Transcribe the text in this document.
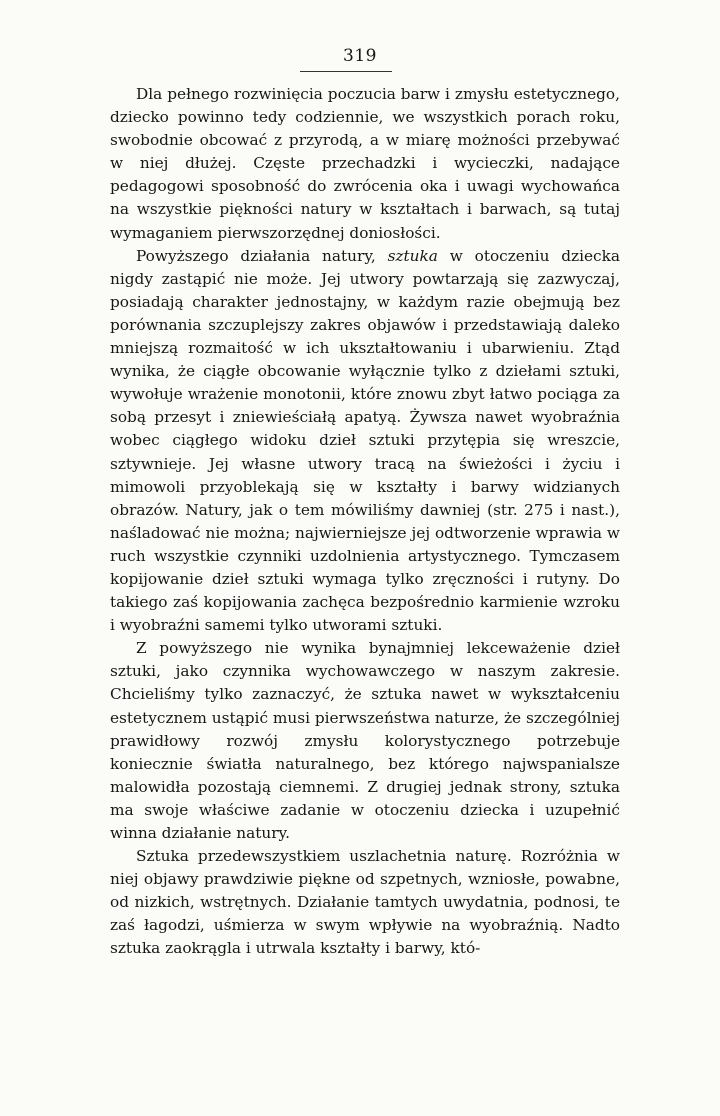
319

Dla pełnego rozwinięcia poczucia barw i zmysłu estetycznego, dziecko powinno tedy codziennie, we wszystkich porach roku, swobodnie obcować z przyrodą, a w miarę możności przebywać w niej dłużej. Częste przechadzki i wycieczki, nadające pedagogowi sposobność do zwrócenia oka i uwagi wychowańca na wszystkie piękności natury w kształtach i barwach, są tutaj wymaganiem pierwszorzędnej doniosłości.

Powyższego działania natury, sztuka w otoczeniu dziecka nigdy zastąpić nie może. Jej utwory powtarzają się zazwyczaj, posiadają charakter jednostajny, w każdym razie obejmują bez porównania szczuplejszy zakres objawów i przedstawiają daleko mniejszą rozmaitość w ich ukształtowaniu i ubarwieniu. Ztąd wynika, że ciągłe obcowanie wyłącznie tylko z dziełami sztuki, wywołuje wrażenie monotonii, które znowu zbyt łatwo pociąga za sobą przesyt i zniewieściałą apatyą. Żywsza nawet wyobraźnia wobec ciągłego widoku dzieł sztuki przytępia się wreszcie, sztywnieje. Jej własne utwory tracą na świeżości i życiu i mimowoli przyoblekają się w kształty i barwy widzianych obrazów. Natury, jak o tem mówiliśmy dawniej (str. 275 i nast.), naśladować nie można; najwierniejsze jej odtworzenie wprawia w ruch wszystkie czynniki uzdolnienia artystycznego. Tymczasem kopijowanie dzieł sztuki wymaga tylko zręczności i rutyny. Do takiego zaś kopijowania zachęca bezpośrednio karmienie wzroku i wyobraźni samemi tylko utworami sztuki.

Z powyższego nie wynika bynajmniej lekceważenie dzieł sztuki, jako czynnika wychowawczego w naszym zakresie. Chcieliśmy tylko zaznaczyć, że sztuka nawet w wykształceniu estetycznem ustąpić musi pierwszeństwa naturze, że szczególniej prawidłowy rozwój zmysłu kolorystycznego potrzebuje koniecznie światła naturalnego, bez którego najwspanialsze malowidła pozostają ciemnemi. Z drugiej jednak strony, sztuka ma swoje właściwe zadanie w otoczeniu dziecka i uzupełnić winna działanie natury.

Sztuka przedewszystkiem uszlachetnia naturę. Rozróżnia w niej objawy prawdziwie piękne od szpetnych, wzniosłe, powabne, od nizkich, wstrętnych. Działanie tamtych uwydatnia, podnosi, te zaś łagodzi, uśmierza w swym wpływie na wyobraźnią. Nadto sztuka zaokrągla i utrwala kształty i barwy, któ-
